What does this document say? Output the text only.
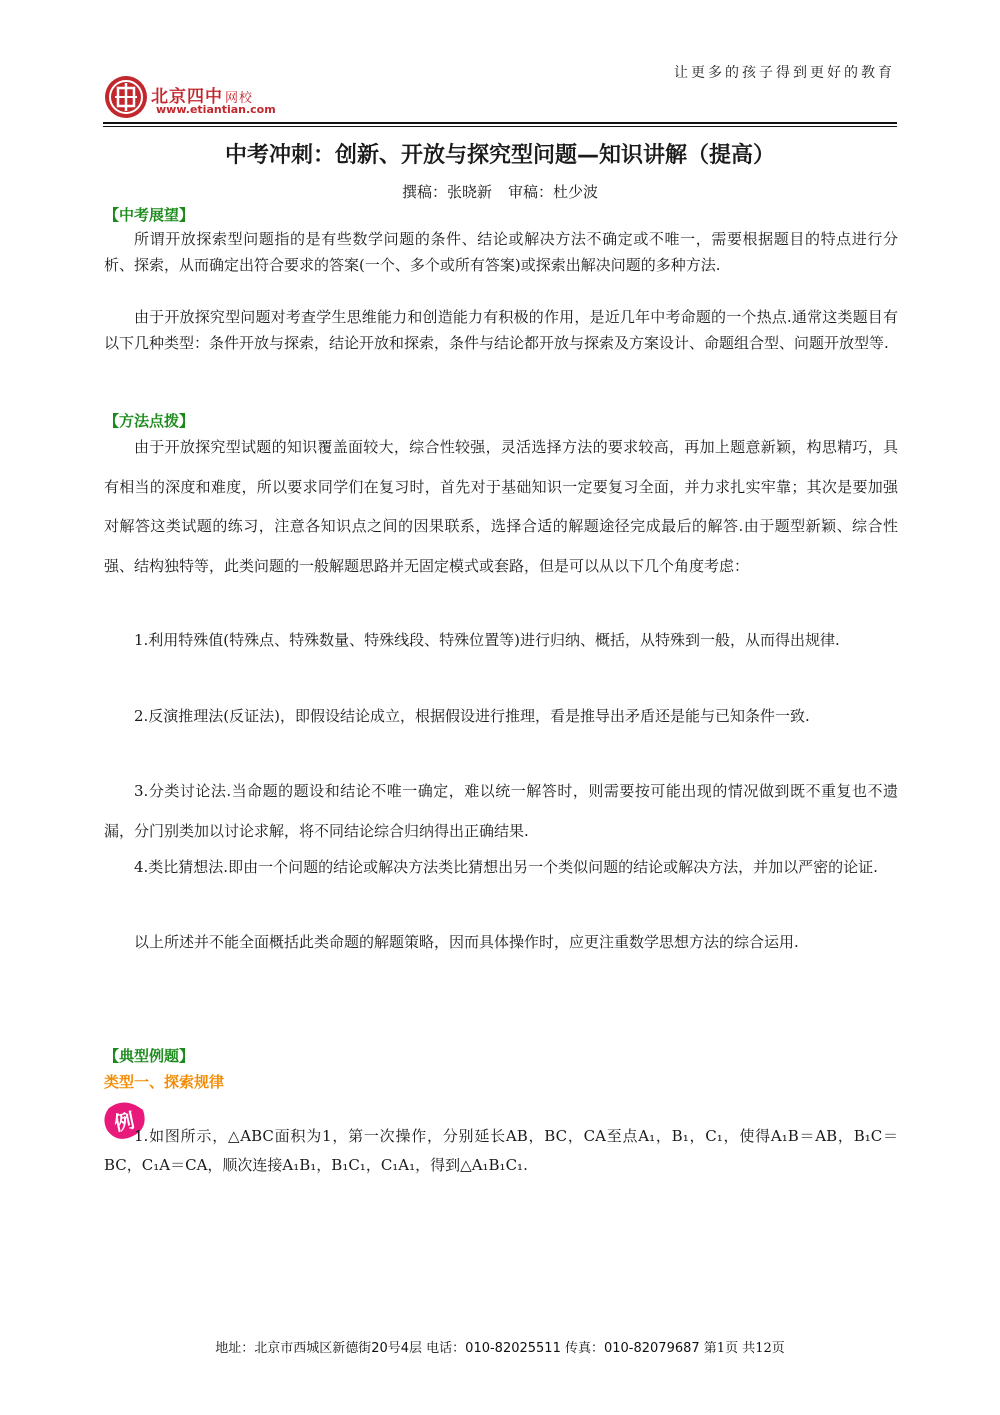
让更多的孩子得到更好的教育
北京四中 网校
www.etiantian.com
中考冲刺：创新、开放与探究型问题—知识讲解（提高）
撰稿：张晓新 审稿：杜少波
【中考展望】
所谓开放探索型问题指的是有些数学问题的条件、结论或解决方法不确定或不唯一，需要根据题目的特点进行分析、探索，从而确定出符合要求的答案(一个、多个或所有答案)或探索出解决问题的多种方法.
由于开放探究型问题对考查学生思维能力和创造能力有积极的作用，是近几年中考命题的一个热点.通常这类题目有以下几种类型：条件开放与探索，结论开放和探索，条件与结论都开放与探索及方案设计、命题组合型、问题开放型等.
【方法点拨】
由于开放探究型试题的知识覆盖面较大，综合性较强，灵活选择方法的要求较高，再加上题意新颖，构思精巧，具有相当的深度和难度，所以要求同学们在复习时，首先对于基础知识一定要复习全面，并力求扎实牢靠；其次是要加强对解答这类试题的练习，注意各知识点之间的因果联系，选择合适的解题途径完成最后的解答.由于题型新颖、综合性强、结构独特等，此类问题的一般解题思路并无固定模式或套路，但是可以从以下几个角度考虑：
1.利用特殊值(特殊点、特殊数量、特殊线段、特殊位置等)进行归纳、概括，从特殊到一般，从而得出规律.
2.反演推理法(反证法)，即假设结论成立，根据假设进行推理，看是推导出矛盾还是能与已知条件一致.
3.分类讨论法.当命题的题设和结论不唯一确定，难以统一解答时，则需要按可能出现的情况做到既不重复也不遗漏，分门别类加以讨论求解，将不同结论综合归纳得出正确结果.
4.类比猜想法.即由一个问题的结论或解决方法类比猜想出另一个类似问题的结论或解决方法，并加以严密的论证.
以上所述并不能全面概括此类命题的解题策略，因而具体操作时，应更注重数学思想方法的综合运用.
【典型例题】
类型一、探索规律
例
1.如图所示，△ABC面积为1，第一次操作，分别延长AB，BC，CA至点A₁，B₁，C₁，使得A₁B＝AB，B₁C＝BC，C₁A＝CA，顺次连接A₁B₁，B₁C₁，C₁A₁，得到△A₁B₁C₁.
地址：北京市西城区新德街20号4层 电话：010-82025511 传真：010-82079687 第1页 共12页
